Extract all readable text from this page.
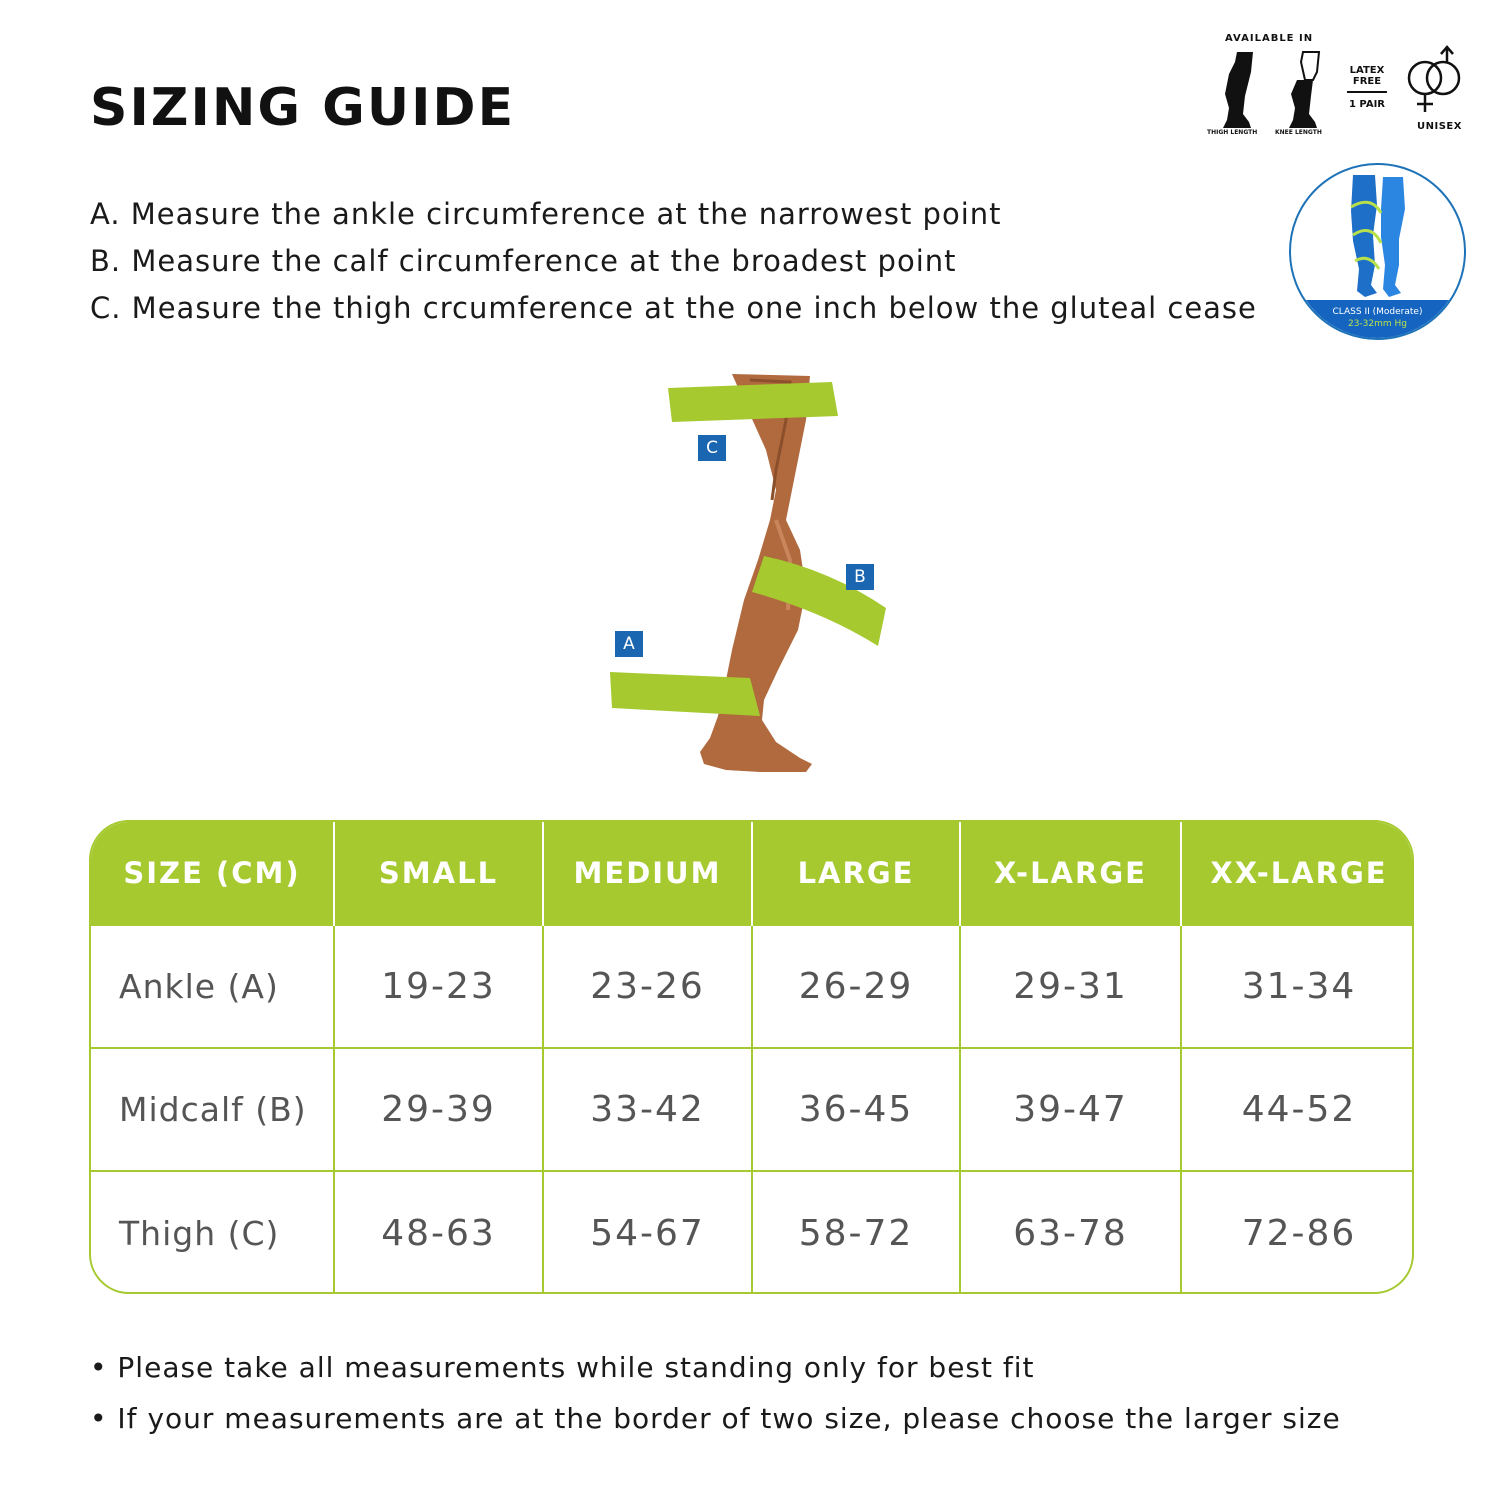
SIZING GUIDE
A. Measure the ankle circumference at the narrowest point
B. Measure the calf circumference at the broadest point
C. Measure the thigh crcumference at the one inch below the gluteal cease
AVAILABLE IN
THIGH LENGTH	KNEE LENGTH
LATEX
FREE
1 PAIR
UNISEX
CLASS II (Moderate)
23-32mm Hg
C
B
A
SIZE (CM)	SMALL	MEDIUM	LARGE	X-LARGE	XX-LARGE
Ankle (A)	19-23	23-26	26-29	29-31	31-34
Midcalf (B)	29-39	33-42	36-45	39-47	44-52
Thigh (C)	48-63	54-67	58-72	63-78	72-86
• Please take all measurements while standing only for best fit
• If your measurements are at the border of two size, please choose the larger size
